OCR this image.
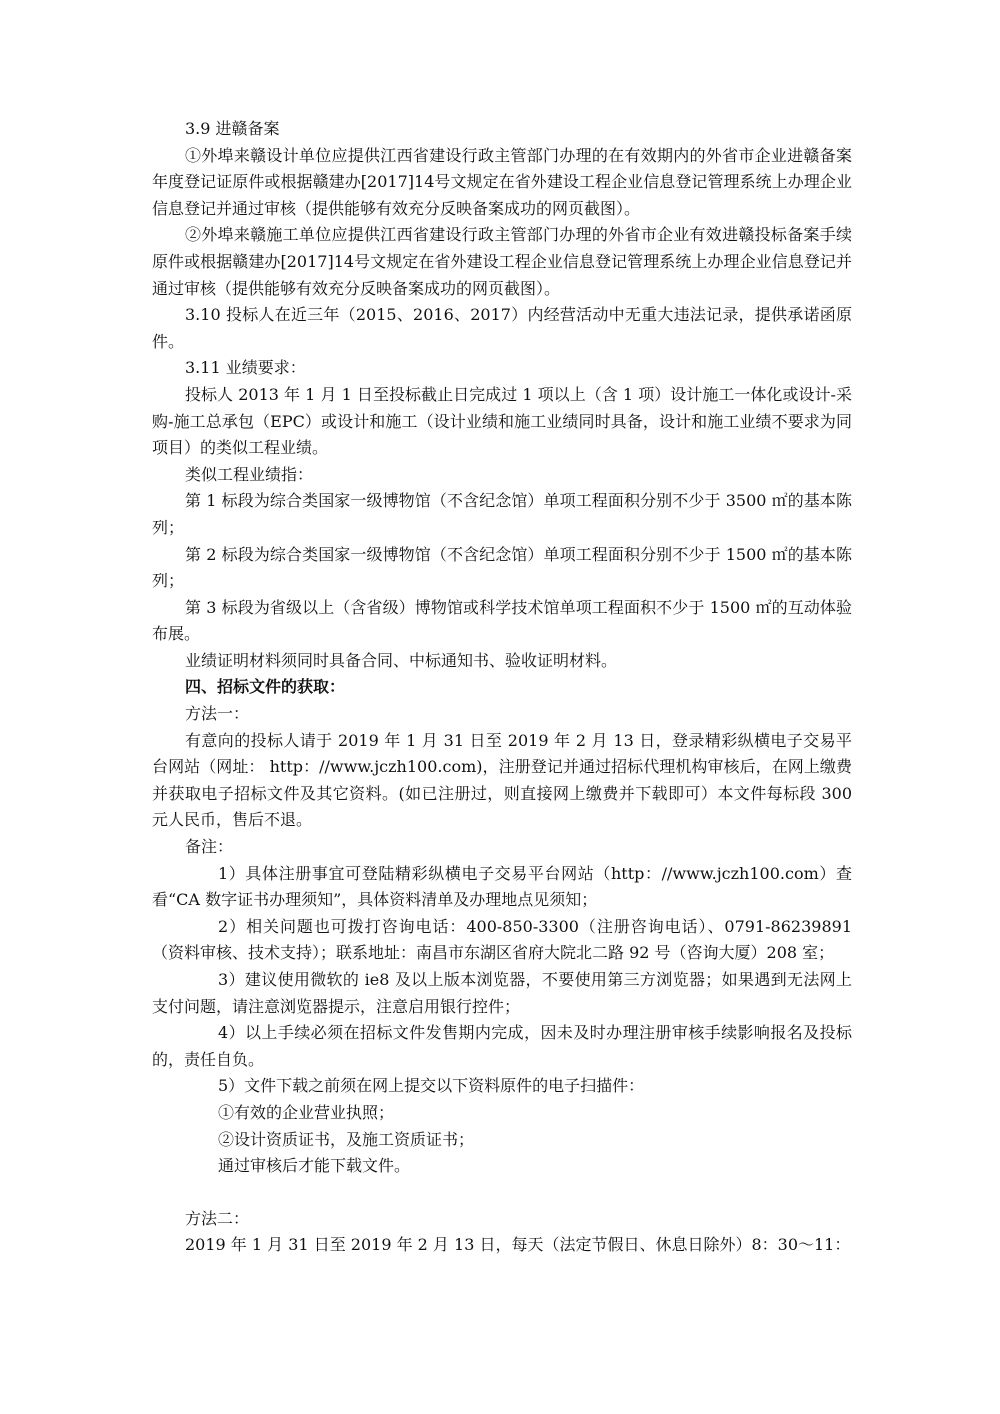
3.9 进赣备案

①外埠来赣设计单位应提供江西省建设行政主管部门办理的在有效期内的外省市企业进赣备案年度登记证原件或根据赣建办[2017]14号文规定在省外建设工程企业信息登记管理系统上办理企业信息登记并通过审核（提供能够有效充分反映备案成功的网页截图）。

②外埠来赣施工单位应提供江西省建设行政主管部门办理的外省市企业有效进赣投标备案手续原件或根据赣建办[2017]14号文规定在省外建设工程企业信息登记管理系统上办理企业信息登记并通过审核（提供能够有效充分反映备案成功的网页截图）。

3.10 投标人在近三年（2015、2016、2017）内经营活动中无重大违法记录，提供承诺函原件。

3.11 业绩要求：

投标人 2013 年 1 月 1 日至投标截止日完成过 1 项以上（含 1 项）设计施工一体化或设计-采购-施工总承包（EPC）或设计和施工（设计业绩和施工业绩同时具备，设计和施工业绩不要求为同项目）的类似工程业绩。

类似工程业绩指：

第 1 标段为综合类国家一级博物馆（不含纪念馆）单项工程面积分别不少于 3500 ㎡的基本陈列；

第 2 标段为综合类国家一级博物馆（不含纪念馆）单项工程面积分别不少于 1500 ㎡的基本陈列；

第 3 标段为省级以上（含省级）博物馆或科学技术馆单项工程面积不少于 1500 ㎡的互动体验布展。

业绩证明材料须同时具备合同、中标通知书、验收证明材料。

四、招标文件的获取：

方法一：

有意向的投标人请于 2019 年 1 月 31 日至 2019 年 2 月 13 日，登录精彩纵横电子交易平台网站（网址： http：//www.jczh100.com)，注册登记并通过招标代理机构审核后，在网上缴费并获取电子招标文件及其它资料。(如已注册过，则直接网上缴费并下载即可）本文件每标段 300 元人民币，售后不退。

备注：

1）具体注册事宜可登陆精彩纵横电子交易平台网站（http：//www.jczh100.com）查看“CA 数字证书办理须知”，具体资料清单及办理地点见须知；

2）相关问题也可拨打咨询电话：400-850-3300（注册咨询电话）、0791-86239891（资料审核、技术支持）；联系地址：南昌市东湖区省府大院北二路 92 号（咨询大厦）208 室；

3）建议使用微软的 ie8 及以上版本浏览器，不要使用第三方浏览器；如果遇到无法网上支付问题，请注意浏览器提示，注意启用银行控件；

4）以上手续必须在招标文件发售期内完成，因未及时办理注册审核手续影响报名及投标的，责任自负。

5）文件下载之前须在网上提交以下资料原件的电子扫描件：

①有效的企业营业执照；

②设计资质证书，及施工资质证书；

通过审核后才能下载文件。

方法二：

2019 年 1 月 31 日至 2019 年 2 月 13 日，每天（法定节假日、休息日除外）8：30～11：
